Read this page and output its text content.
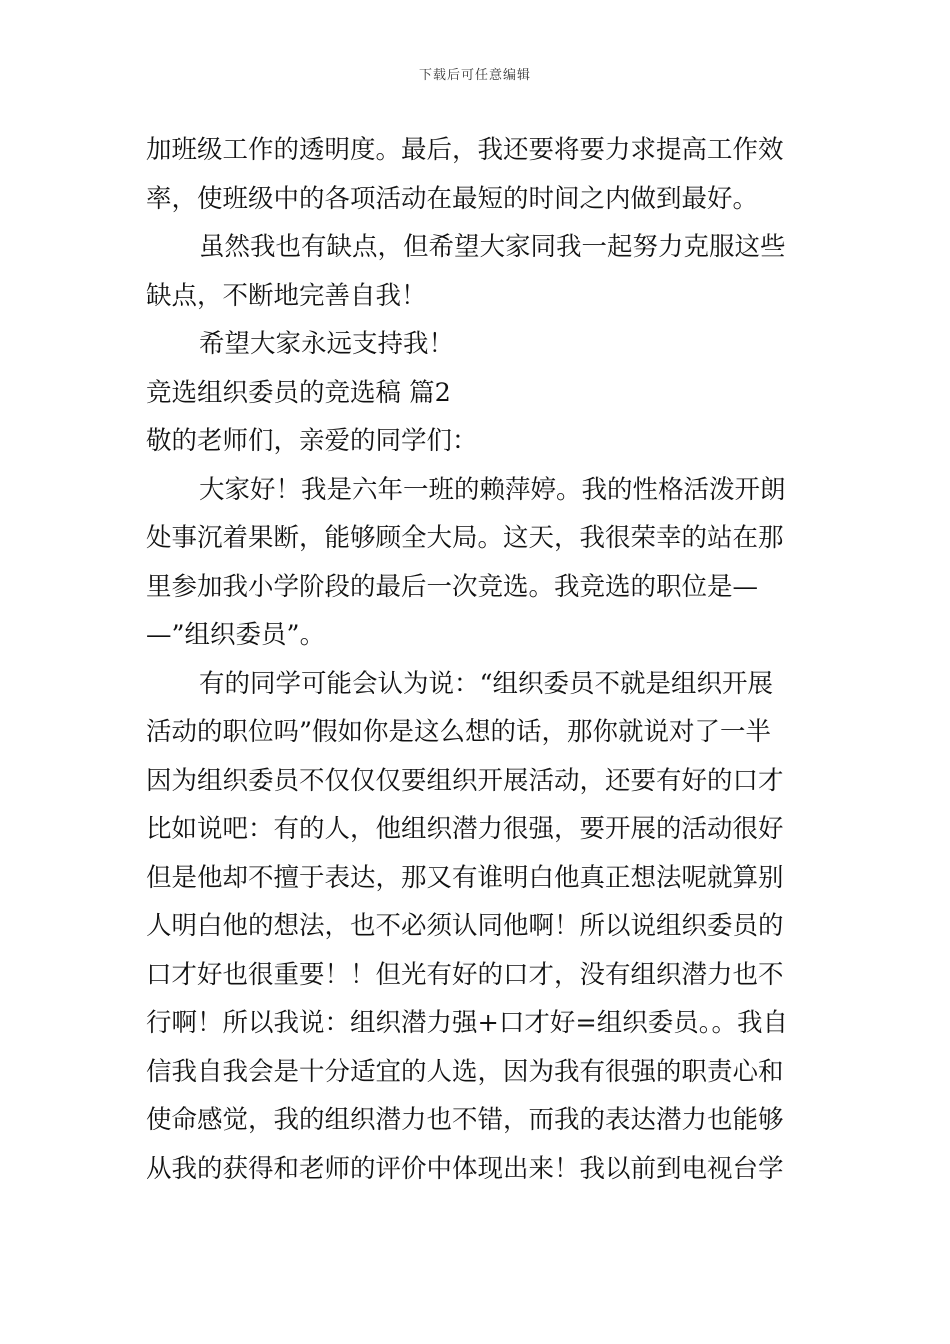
下载后可任意编辑
加班级工作的透明度。最后，我还要将要力求提高工作效
率，使班级中的各项活动在最短的时间之内做到最好。
虽然我也有缺点，但希望大家同我一起努力克服这些
缺点，不断地完善自我！
希望大家永远支持我！
竞选组织委员的竞选稿 篇2
敬的老师们，亲爱的同学们：
大家好！我是六年一班的赖萍婷。我的性格活泼开朗
处事沉着果断，能够顾全大局。这天，我很荣幸的站在那
里参加我小学阶段的最后一次竞选。我竞选的职位是—
—”组织委员”。
有的同学可能会认为说：“组织委员不就是组织开展
活动的职位吗”假如你是这么想的话，那你就说对了一半
因为组织委员不仅仅仅要组织开展活动，还要有好的口才
比如说吧：有的人，他组织潜力很强，要开展的活动很好
但是他却不擅于表达，那又有谁明白他真正想法呢就算别
人明白他的想法，也不必须认同他啊！所以说组织委员的
口才好也很重要！！但光有好的口才，没有组织潜力也不
行啊！所以我说：组织潜力强+口才好=组织委员。。我自
信我自我会是十分适宜的人选，因为我有很强的职责心和
使命感觉，我的组织潜力也不错，而我的表达潜力也能够
从我的获得和老师的评价中体现出来！我以前到电视台学
